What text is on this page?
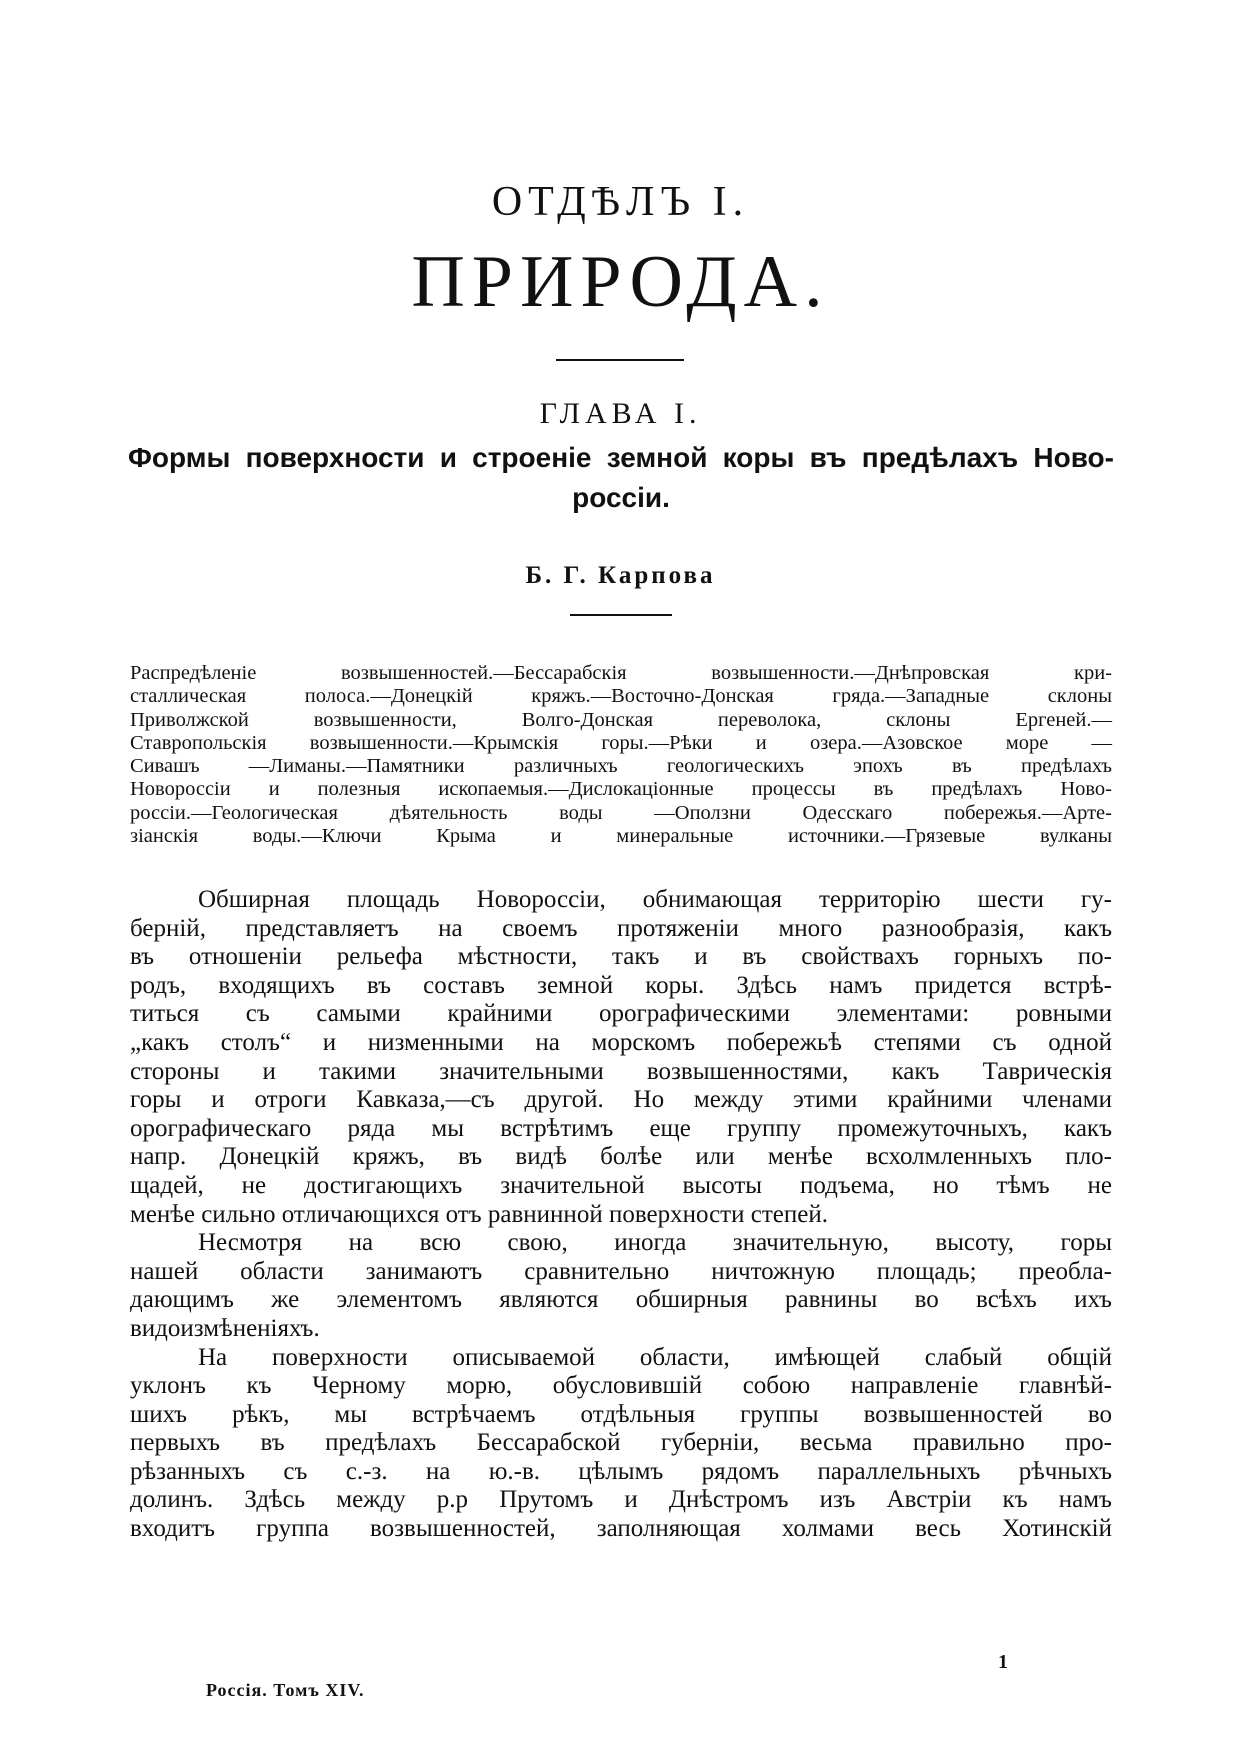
ОТДѢЛЪ I.
ПРИРОДА.
ГЛАВА I.
Формы поверхности и строеніе земной коры въ предѣлахъ Ново-
россіи.
Б. Г. Карпова
Распредѣленіе возвышенностей.—Бессарабскія возвышенности.—Днѣпровская кри-
сталлическая полоса.—Донецкій кряжъ.—Восточно-Донская гряда.—Западные склоны
Приволжской возвышенности, Волго-Донская переволока, склоны Ергеней.—
Ставропольскія возвышенности.—Крымскія горы.—Рѣки и озера.—Азовское море —
Сивашъ —Лиманы.—Памятники различныхъ геологическихъ эпохъ въ предѣлахъ
Новороссіи и полезныя ископаемыя.—Дислокаціонные процессы въ предѣлахъ Ново-
россіи.—Геологическая дѣятельность воды —Оползни Одесскаго побережья.—Арте-
зіанскія воды.—Ключи Крыма и минеральные источники.—Грязевые вулканы
Обширная площадь Новороссіи, обнимающая территорію шести гу-
берній, представляетъ на своемъ протяженіи много разнообразія, какъ
въ отношеніи рельефа мѣстности, такъ и въ свойствахъ горныхъ по-
родъ, входящихъ въ составъ земной коры. Здѣсь намъ придется встрѣ-
титься съ самыми крайними орографическими элементами: ровными
„какъ столъ“ и низменными на морскомъ побережьѣ степями съ одной
стороны и такими значительными возвышенностями, какъ Таврическія
горы и отроги Кавказа,—съ другой. Но между этими крайними членами
орографическаго ряда мы встрѣтимъ еще группу промежуточныхъ, какъ
напр. Донецкій кряжъ, въ видѣ болѣе или менѣе всхолмленныхъ пло-
щадей, не достигающихъ значительной высоты подъема, но тѣмъ не
менѣе сильно отличающихся отъ равнинной поверхности степей.
Несмотря на всю свою, иногда значительную, высоту, горы
нашей области занимаютъ сравнительно ничтожную площадь; преобла-
дающимъ же элементомъ являются обширныя равнины во всѣхъ ихъ
видоизмѣненіяхъ.
На поверхности описываемой области, имѣющей слабый общій
уклонъ къ Черному морю, обусловившій собою направленіе главнѣй-
шихъ рѣкъ, мы встрѣчаемъ отдѣльныя группы возвышенностей во
первыхъ въ предѣлахъ Бессарабской губерніи, весьма правильно про-
рѣзанныхъ съ с.-з. на ю.-в. цѣлымъ рядомъ параллельныхъ рѣчныхъ
долинъ. Здѣсь между р.р Прутомъ и Днѣстромъ изъ Австріи къ намъ
входитъ группа возвышенностей, заполняющая холмами весь Хотинскій
1
Россія. Томъ XIV.
